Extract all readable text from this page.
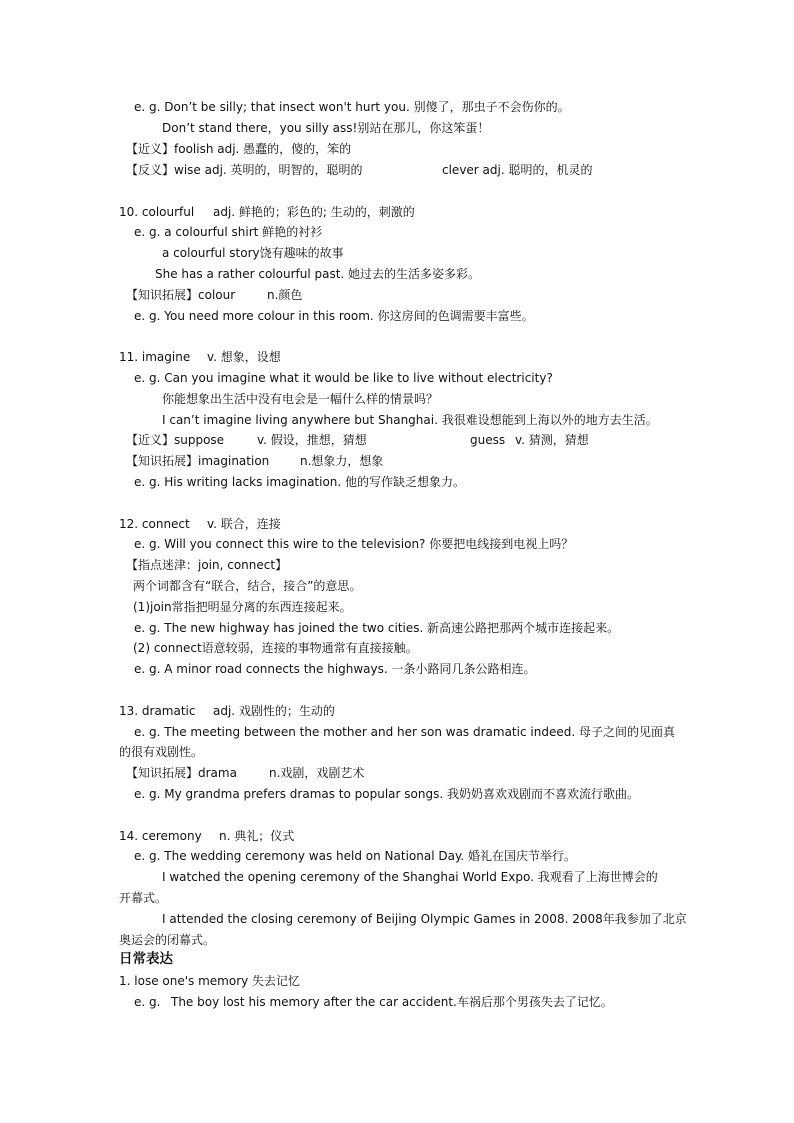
e. g. Don’t be silly; that insect won't hurt you. 别傻了，那虫子不会伤你的。
Don’t stand there，you silly ass!别站在那儿，你这笨蛋！
【近义】foolish adj. 愚蠢的，傻的，笨的
【反义】wise adj. 英明的，明智的，聪明的	clever adj. 聪明的，机灵的
10. colourful adj. 鲜艳的；彩色的; 生动的，刺激的
e. g. a colourful shirt 鲜艳的衬衫
a colourful story饶有趣味的故事
She has a rather colourful past. 她过去的生活多姿多彩。
【知识拓展】colour	n.颜色
e. g. You need more colour in this room. 你这房间的色调需要丰富些。
11. imagine v. 想象，设想
e. g. Can you imagine what it would be like to live without electricity?
你能想象出生活中没有电会是一幅什么样的情景吗？
I can’t imagine living anywhere but Shanghai. 我很难设想能到上海以外的地方去生活。
【近义】suppose	v. 假设，推想，猜想	guess v. 猜测，猜想
【知识拓展】imagination	n.想象力，想象
e. g. His writing lacks imagination. 他的写作缺乏想象力。
12. connect v. 联合，连接
e. g. Will you connect this wire to the television? 你要把电线接到电视上吗？
【指点迷津：join, connect】
两个词都含有“联合，结合，接合”的意思。
(1)join常指把明显分离的东西连接起来。
e. g. The new highway has joined the two cities. 新高速公路把那两个城市连接起来。
(2) connect语意较弱，连接的事物通常有直接接触。
e. g. A minor road connects the highways. 一条小路同几条公路相连。
13. dramatic adj. 戏剧性的；生动的
e. g. The meeting between the mother and her son was dramatic indeed. 母子之间的见面真
的很有戏剧性。
【知识拓展】drama	n.戏剧，戏剧艺术
e. g. My grandma prefers dramas to popular songs. 我奶奶喜欢戏剧而不喜欢流行歌曲。
14. ceremony n. 典礼；仪式
e. g. The wedding ceremony was held on National Day. 婚礼在国庆节举行。
I watched the opening ceremony of the Shanghai World Expo. 我观看了上海世博会的
开幕式。
I attended the closing ceremony of Beijing Olympic Games in 2008. 2008年我参加了北京
奥运会的闭幕式。
日常表达
1. lose one's memory 失去记忆
e. g. The boy lost his memory after the car accident.车祸后那个男孩失去了记忆。
